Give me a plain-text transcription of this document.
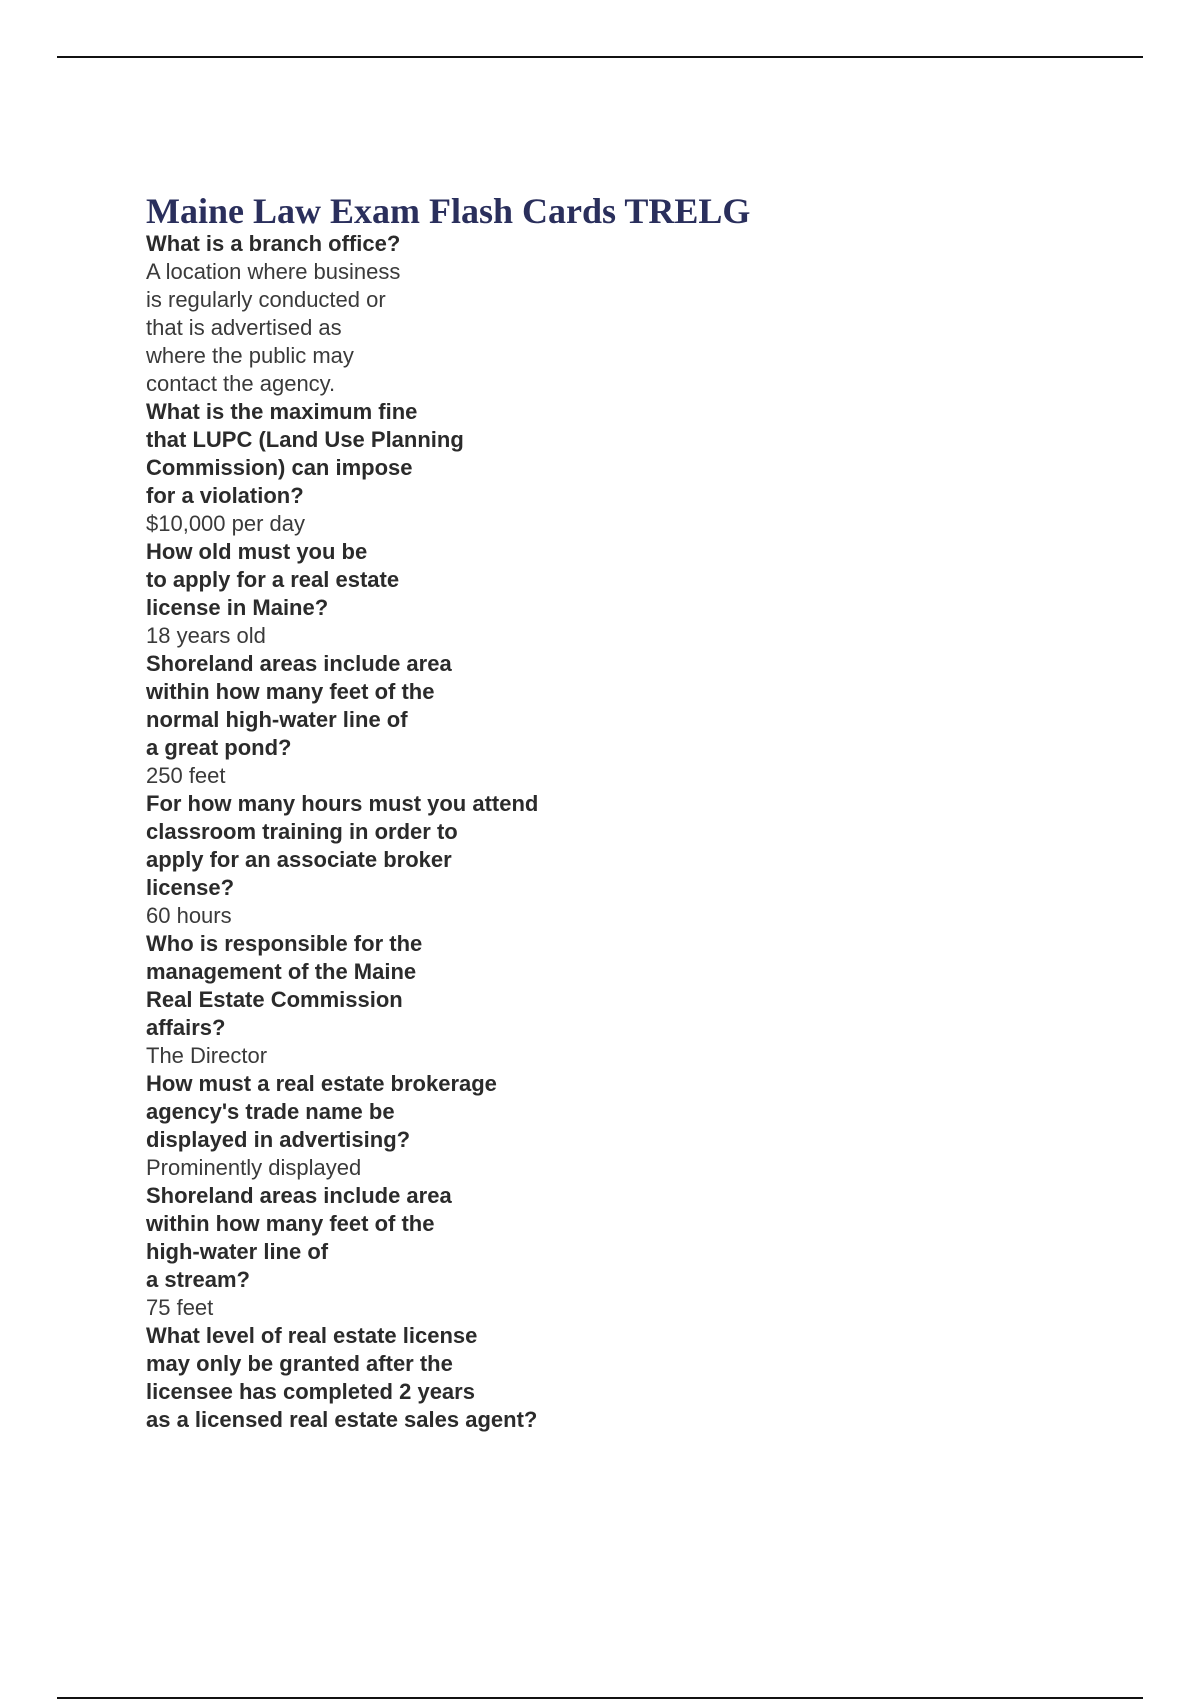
Maine Law Exam Flash Cards TRELG
What is a branch office?
A location where business
is regularly conducted or
that is advertised as
where the public may
contact the agency.
What is the maximum fine
that LUPC (Land Use Planning
Commission) can impose
for a violation?
$10,000 per day
How old must you be
to apply for a real estate
license in Maine?
18 years old
Shoreland areas include area
within how many feet of the
normal high-water line of
a great pond?
250 feet
For how many hours must you attend
classroom training in order to
apply for an associate broker
license?
60 hours
Who is responsible for the
management of the Maine
Real Estate Commission
affairs?
The Director
How must a real estate brokerage
agency's trade name be
displayed in advertising?
Prominently displayed
Shoreland areas include area
within how many feet of the
high-water line of
a stream?
75 feet
What level of real estate license
may only be granted after the
licensee has completed 2 years
as a licensed real estate sales agent?
